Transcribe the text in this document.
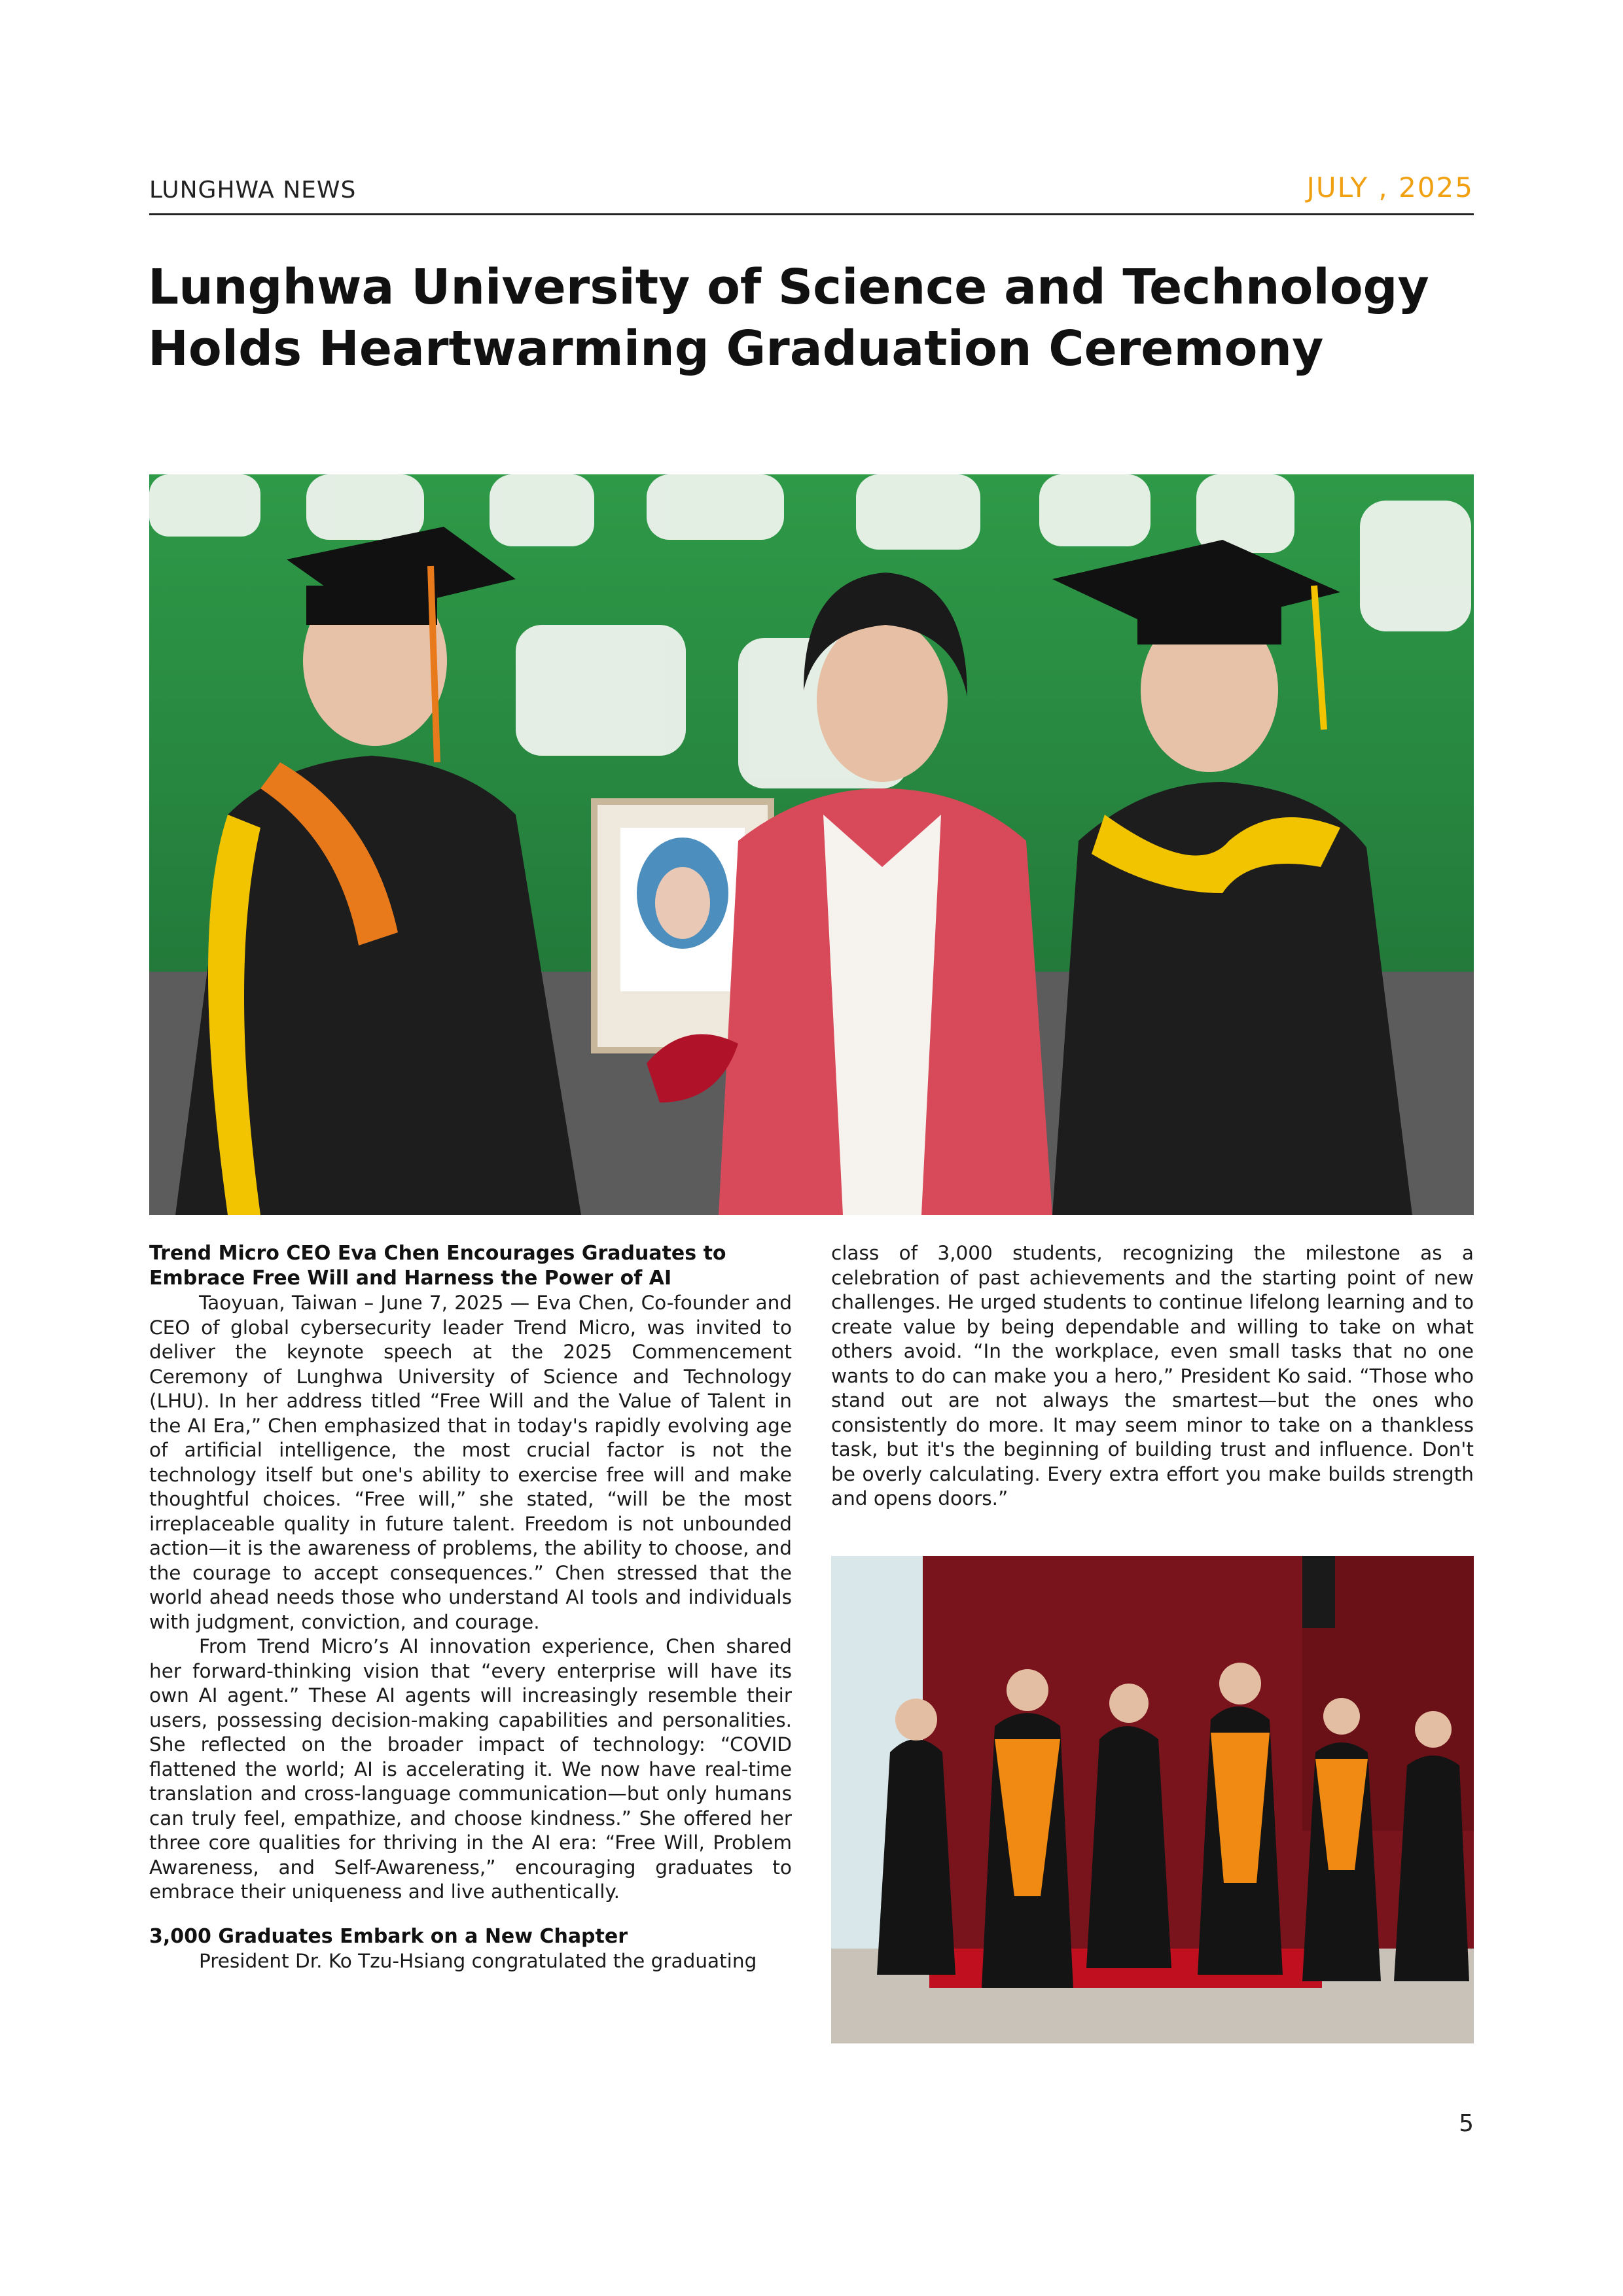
LUNGHWA NEWS	JULY , 2025
Lunghwa University of Science and Technology Holds Heartwarming Graduation Ceremony

Trend Micro CEO Eva Chen Encourages Graduates to Embrace Free Will and Harness the Power of AI

Taoyuan, Taiwan – June 7, 2025 — Eva Chen, Co-founder and CEO of global cybersecurity leader Trend Micro, was invited to deliver the keynote speech at the 2025 Commencement Ceremony of Lunghwa University of Science and Technology (LHU). In her address titled “Free Will and the Value of Talent in the AI Era,” Chen emphasized that in today's rapidly evolving age of artificial intelligence, the most crucial factor is not the technology itself but one's ability to exercise free will and make thoughtful choices. “Free will,” she stated, “will be the most irreplaceable quality in future talent. Freedom is not unbounded action—it is the awareness of problems, the ability to choose, and the courage to accept consequences.” Chen stressed that the world ahead needs those who understand AI tools and individuals with judgment, conviction, and courage.

From Trend Micro’s AI innovation experience, Chen shared her forward-thinking vision that “every enterprise will have its own AI agent.” These AI agents will increasingly resemble their users, possessing decision-making capabilities and personalities. She reflected on the broader impact of technology: “COVID flattened the world; AI is accelerating it. We now have real-time translation and cross-language communication—but only humans can truly feel, empathize, and choose kindness.” She offered her three core qualities for thriving in the AI era: “Free Will, Problem Awareness, and Self-Awareness,” encouraging graduates to embrace their uniqueness and live authentically.

3,000 Graduates Embark on a New Chapter

President Dr. Ko Tzu-Hsiang congratulated the graduating

class of 3,000 students, recognizing the milestone as a celebration of past achievements and the starting point of new challenges. He urged students to continue lifelong learning and to create value by being dependable and willing to take on what others avoid. “In the workplace, even small tasks that no one wants to do can make you a hero,” President Ko said. “Those who stand out are not always the smartest—but the ones who consistently do more. It may seem minor to take on a thankless task, but it's the beginning of building trust and influence. Don't be overly calculating. Every extra effort you make builds strength and opens doors.”

5
